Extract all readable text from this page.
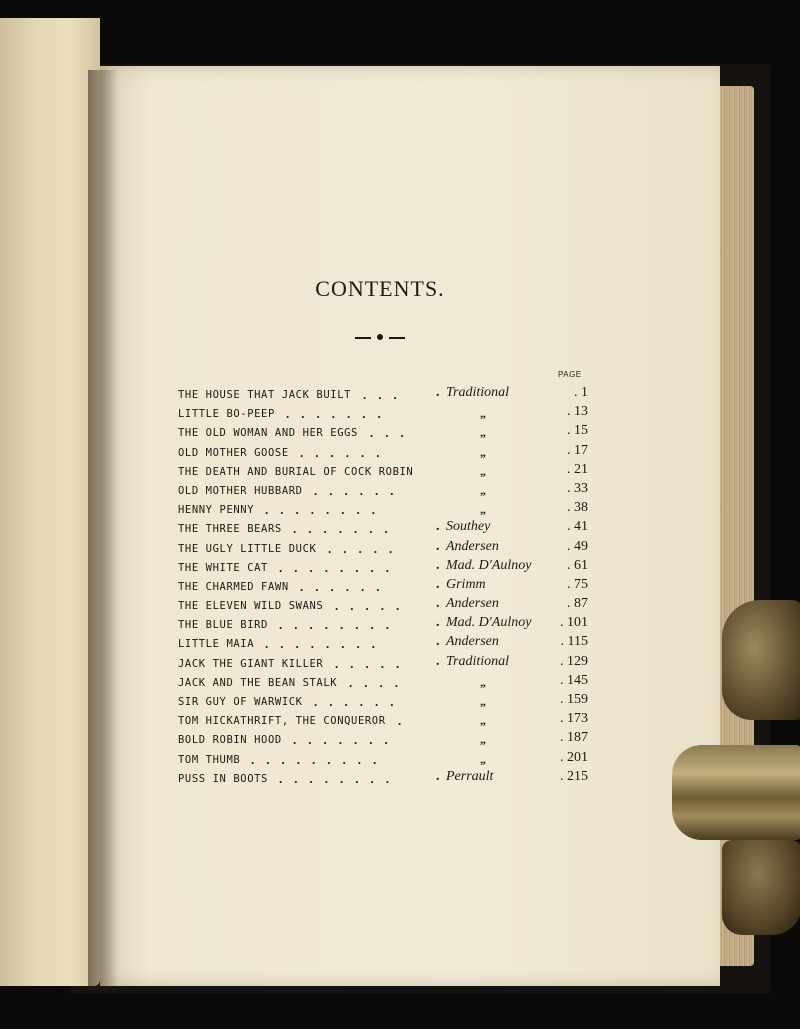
CONTENTS.
PAGE
THE HOUSE THAT JACK BUILT ... . Traditional	. 1
LITTLE BO-PEEP .......	„	. 13
THE OLD WOMAN AND HER EGGS ...	„	. 15
OLD MOTHER GOOSE ......	„	. 17
THE DEATH AND BURIAL OF COCK ROBIN	„	. 21
OLD MOTHER HUBBARD ......	„	. 33
HENNY PENNY ........	„	. 38
THE THREE BEARS .......	. Southey	. 41
THE UGLY LITTLE DUCK ..... . Andersen	. 49
THE WHITE CAT ........	. Mad. D'Aulnoy	. 61
THE CHARMED FAWN ......	. Grimm	. 75
THE ELEVEN WILD SWANS ..... . Andersen	. 87
THE BLUE BIRD ........	. Mad. D'Aulnoy . 101
LITTLE MAIA ........	. Andersen	. 115
JACK THE GIANT KILLER ..... . Traditional	. 129
JACK AND THE BEAN STALK ....	„	. 145
SIR GUY OF WARWICK ......	„	. 159
TOM HICKATHRIFT, THE CONQUEROR .	„	. 173
BOLD ROBIN HOOD .......	„	. 187
TOM THUMB .........	„	. 201
PUSS IN BOOTS ........	. Perrault	. 215
